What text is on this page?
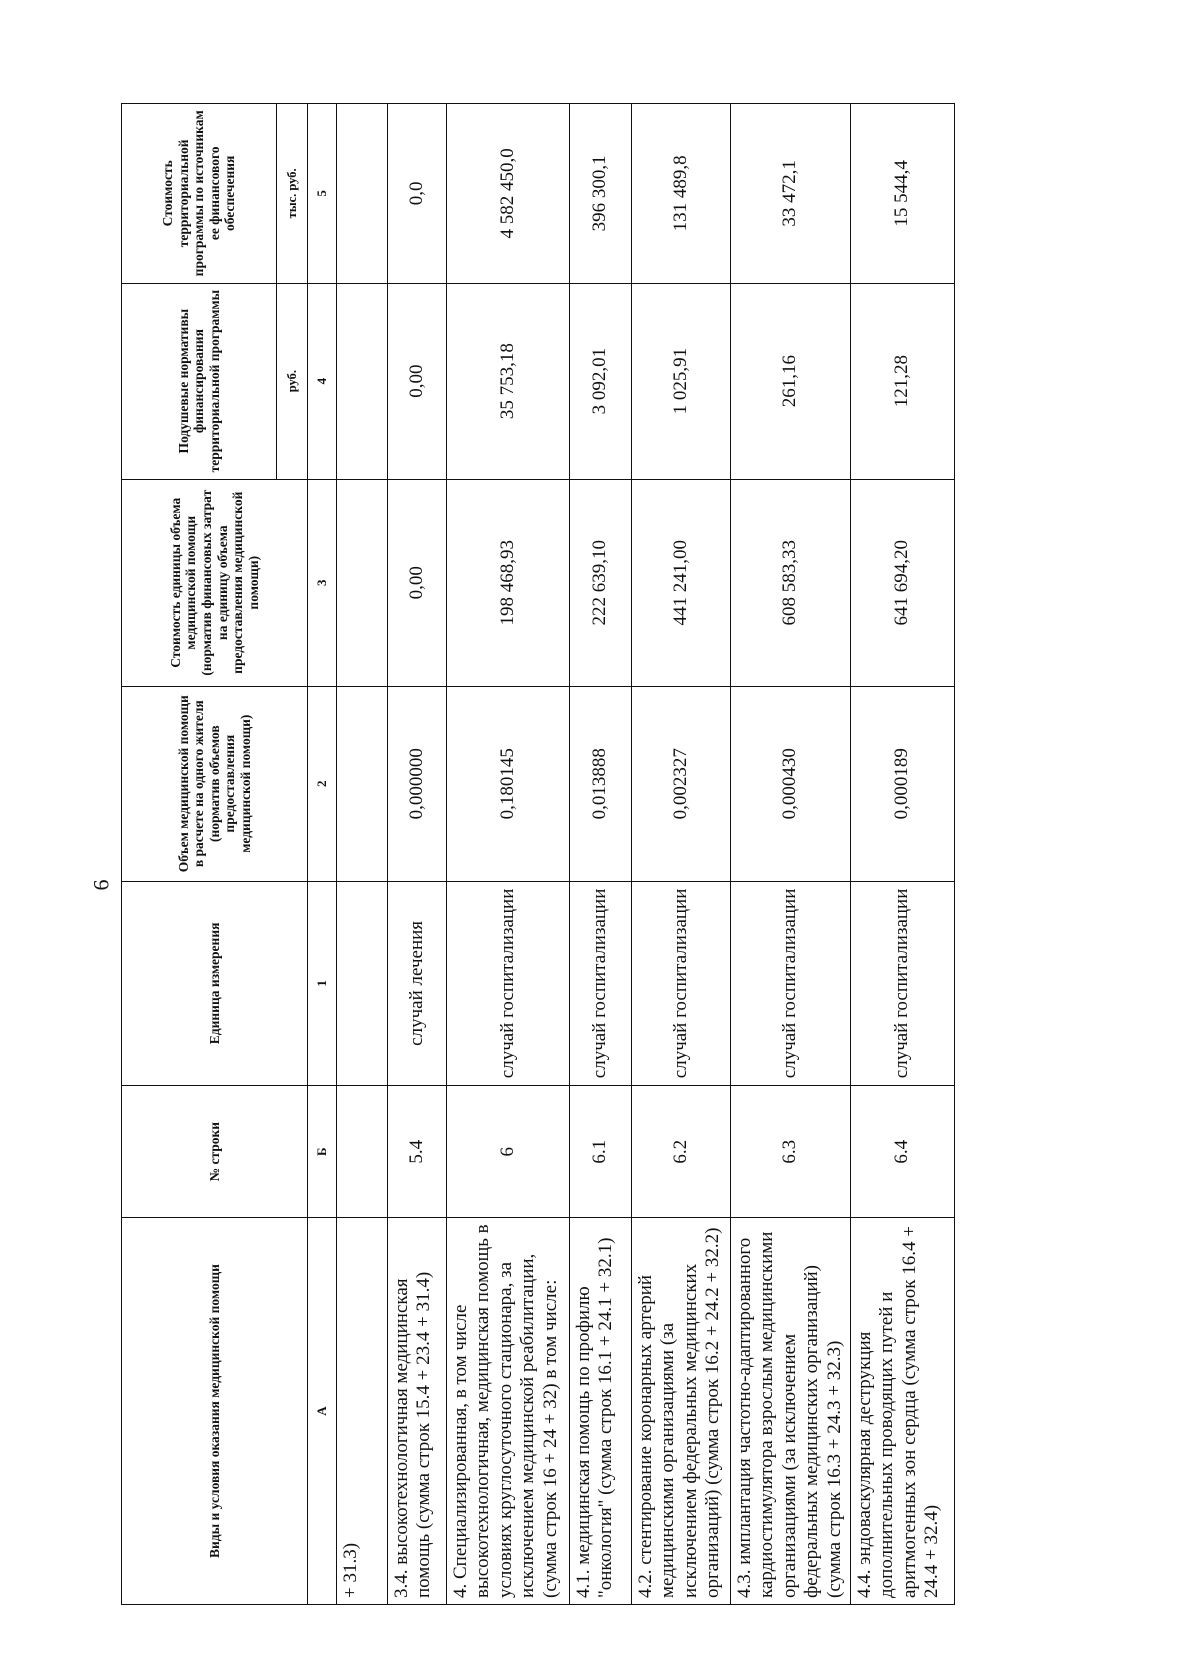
6
Виды и условия оказания медицинской помощи	№ строки	Единица измерения	Объем медицинской помощи в расчете на одного жителя (норматив объемов предоставления медицинской помощи)	Стоимость единицы объема медицинской помощи (норматив финансовых затрат на единицу объема предоставления медицинской помощи)	Подушевые нормативы финансирования территориальной программы	Стоимость территориальной программы по источникам ее финансового обеспечения
					руб.	тыс. руб.
А	Б	1	2	3	4	5
+ 31.3)						
3.4. высокотехнологичная медицинская помощь (сумма строк 15.4 + 23.4 + 31.4)	5.4	случай лечения	0,000000	0,00	0,00	0,0
4. Специализированная, в том числе высокотехнологичная, медицинская помощь в условиях круглосуточного стационара, за исключением медицинской реабилитации, (сумма строк 16 + 24 + 32) в том числе:	6	случай госпитализации	0,180145	198 468,93	35 753,18	4 582 450,0
4.1. медицинская помощь по профилю "онкология" (сумма строк 16.1 + 24.1 + 32.1)	6.1	случай госпитализации	0,013888	222 639,10	3 092,01	396 300,1
4.2. стентирование коронарных артерий медицинскими организациями (за исключением федеральных медицинских организаций) (сумма строк 16.2 + 24.2 + 32.2)	6.2	случай госпитализации	0,002327	441 241,00	1 025,91	131 489,8
4.3. имплантация частотно-адаптированного кардиостимулятора взрослым медицинскими организациями (за исключением федеральных медицинских организаций) (сумма строк 16.3 + 24.3 + 32.3)	6.3	случай госпитализации	0,000430	608 583,33	261,16	33 472,1
4.4. эндоваскулярная деструкция дополнительных проводящих путей и аритмогенных зон сердца (сумма строк 16.4 + 24.4 + 32.4)	6.4	случай госпитализации	0,000189	641 694,20	121,28	15 544,4
